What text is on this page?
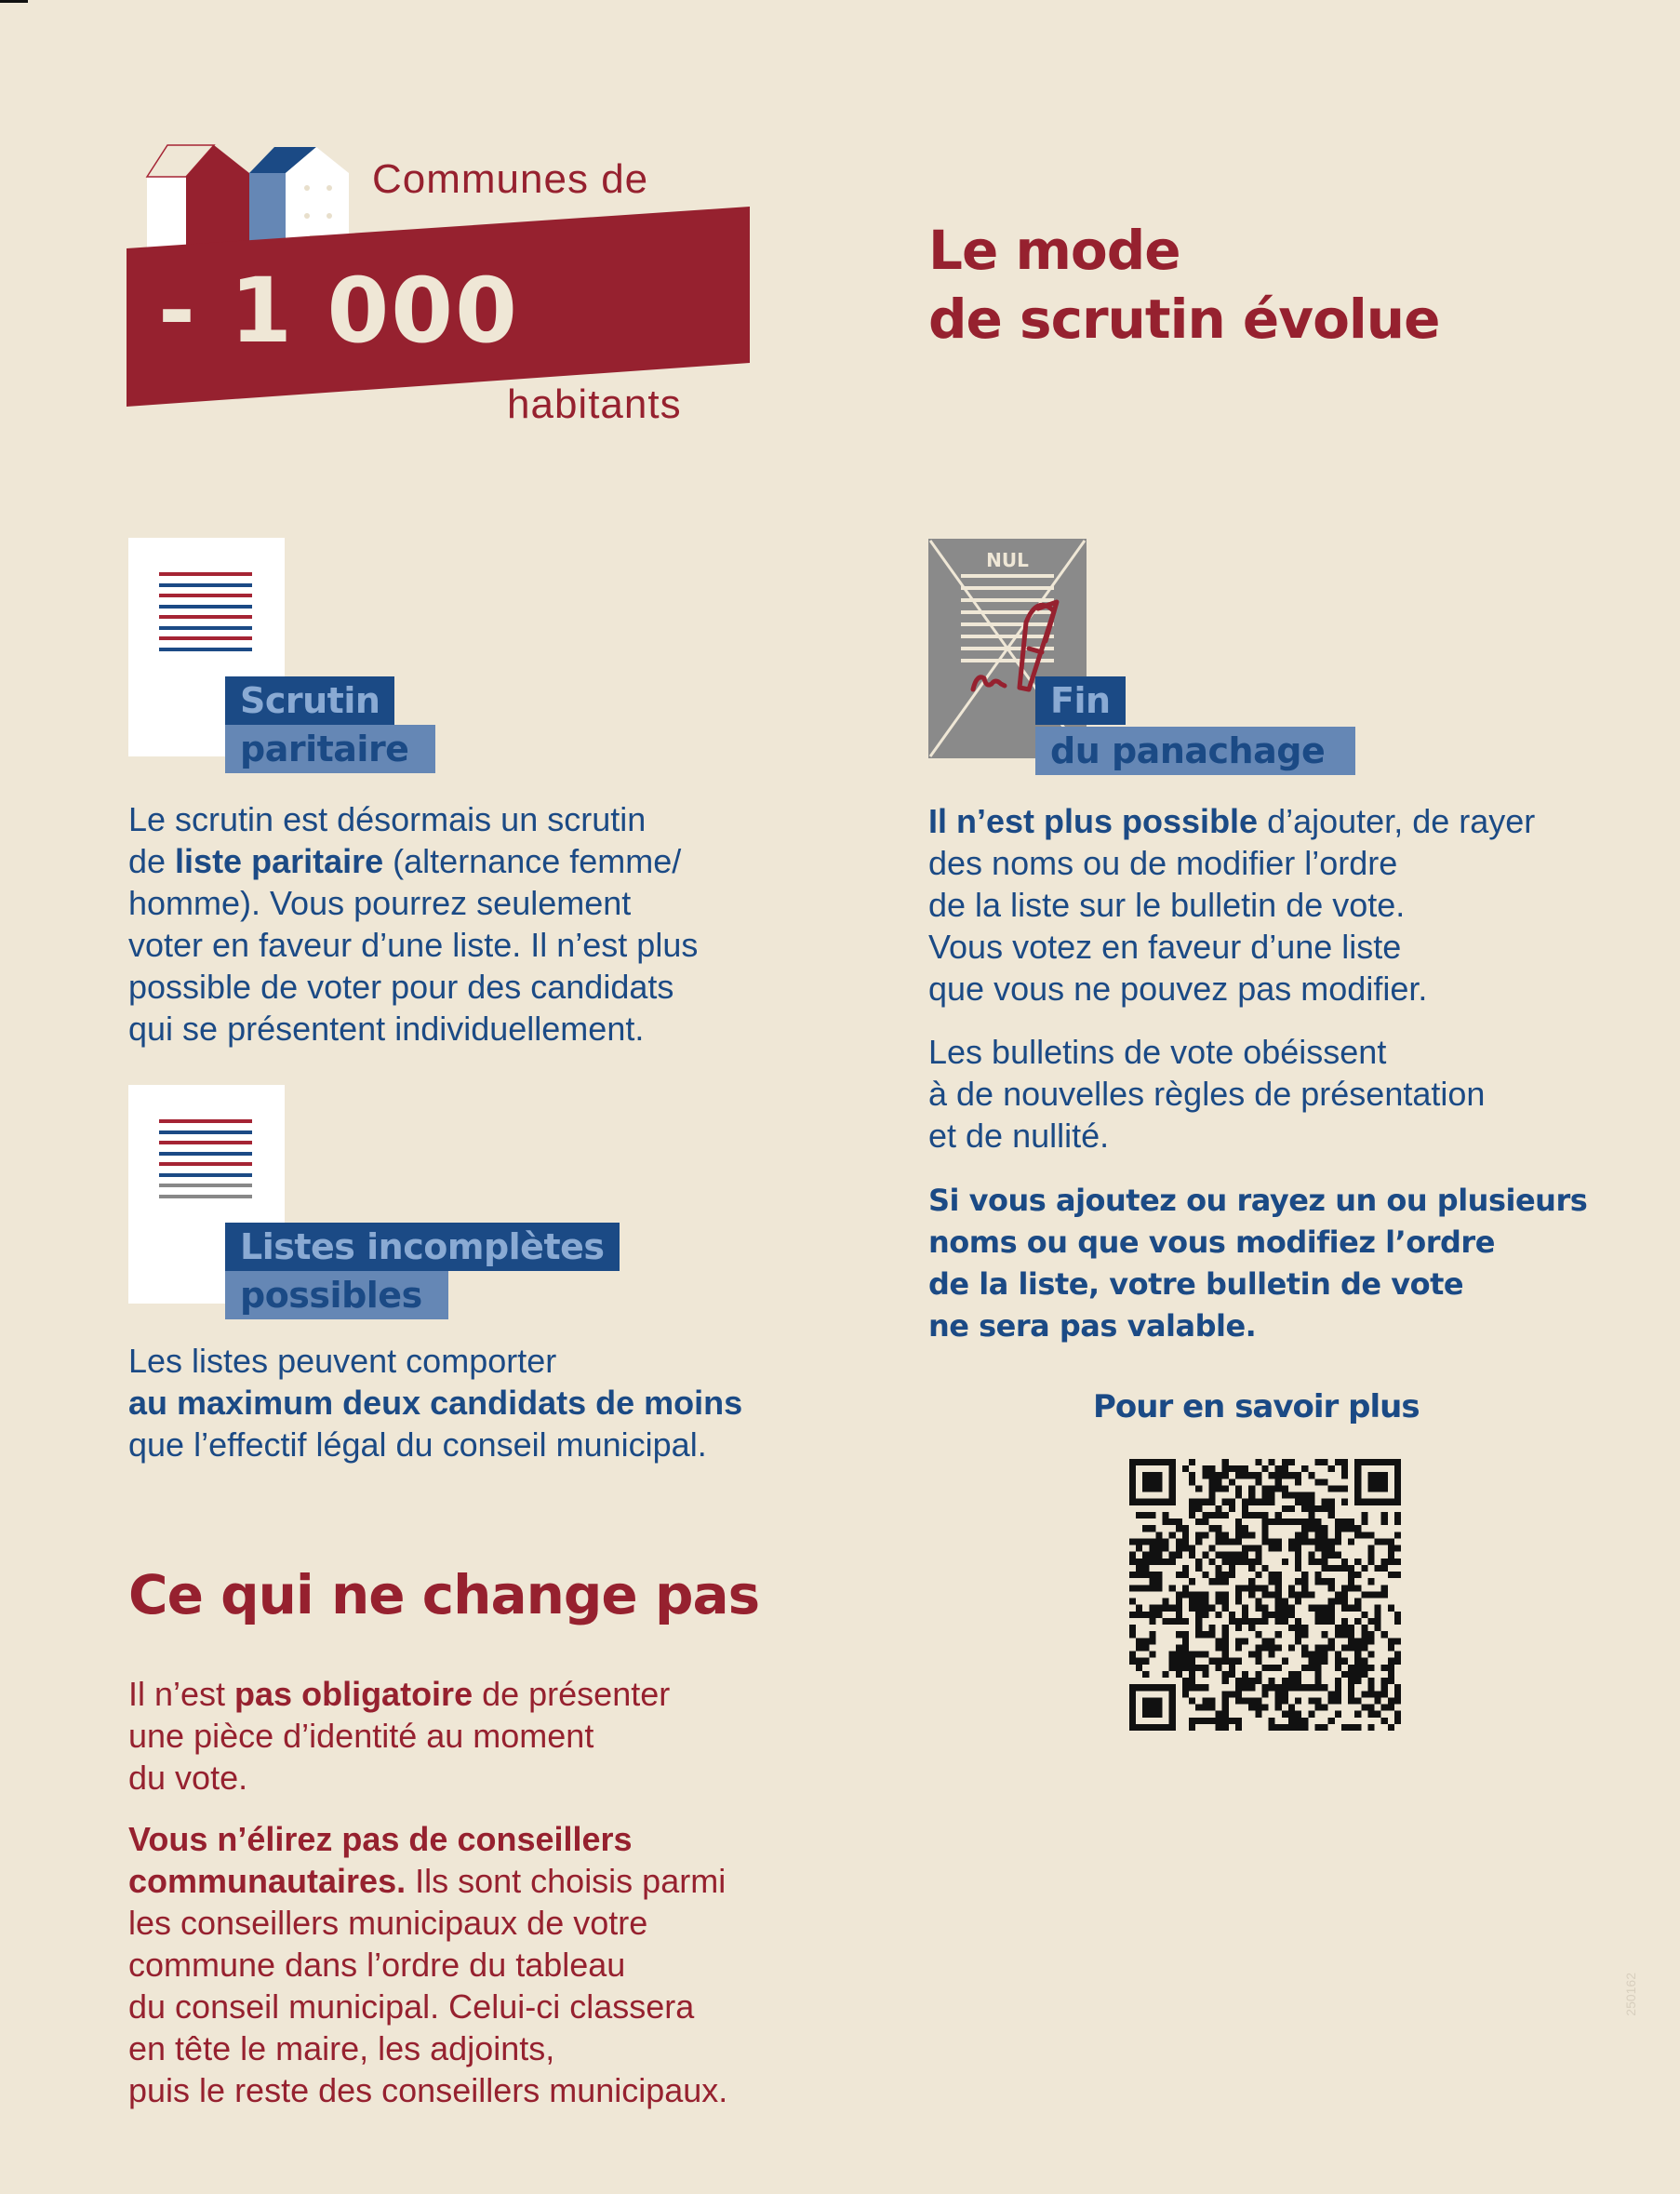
Communes de
- 1 000
habitants
Le mode
de scrutin évolue
Scrutin
paritaire
Le scrutin est désormais un scrutin
de liste paritaire (alternance femme/
homme). Vous pourrez seulement
voter en faveur d’une liste. Il n’est plus
possible de voter pour des candidats
qui se présentent individuellement.
Listes incomplètes
possibles
Les listes peuvent comporter
au maximum deux candidats de moins
que l’effectif légal du conseil municipal.
NUL
Fin
du panachage
Il n’est plus possible d’ajouter, de rayer
des noms ou de modifier l’ordre
de la liste sur le bulletin de vote.
Vous votez en faveur d’une liste
que vous ne pouvez pas modifier.
Les bulletins de vote obéissent
à de nouvelles règles de présentation
et de nullité.
Si vous ajoutez ou rayez un ou plusieurs
noms ou que vous modifiez l’ordre
de la liste, votre bulletin de vote
ne sera pas valable.
Ce qui ne change pas
Il n’est pas obligatoire de présenter
une pièce d’identité au moment
du vote.
Vous n’élirez pas de conseillers
communautaires. Ils sont choisis parmi
les conseillers municipaux de votre
commune dans l’ordre du tableau
du conseil municipal. Celui-ci classera
en tête le maire, les adjoints,
puis le reste des conseillers municipaux.
Pour en savoir plus
250162
